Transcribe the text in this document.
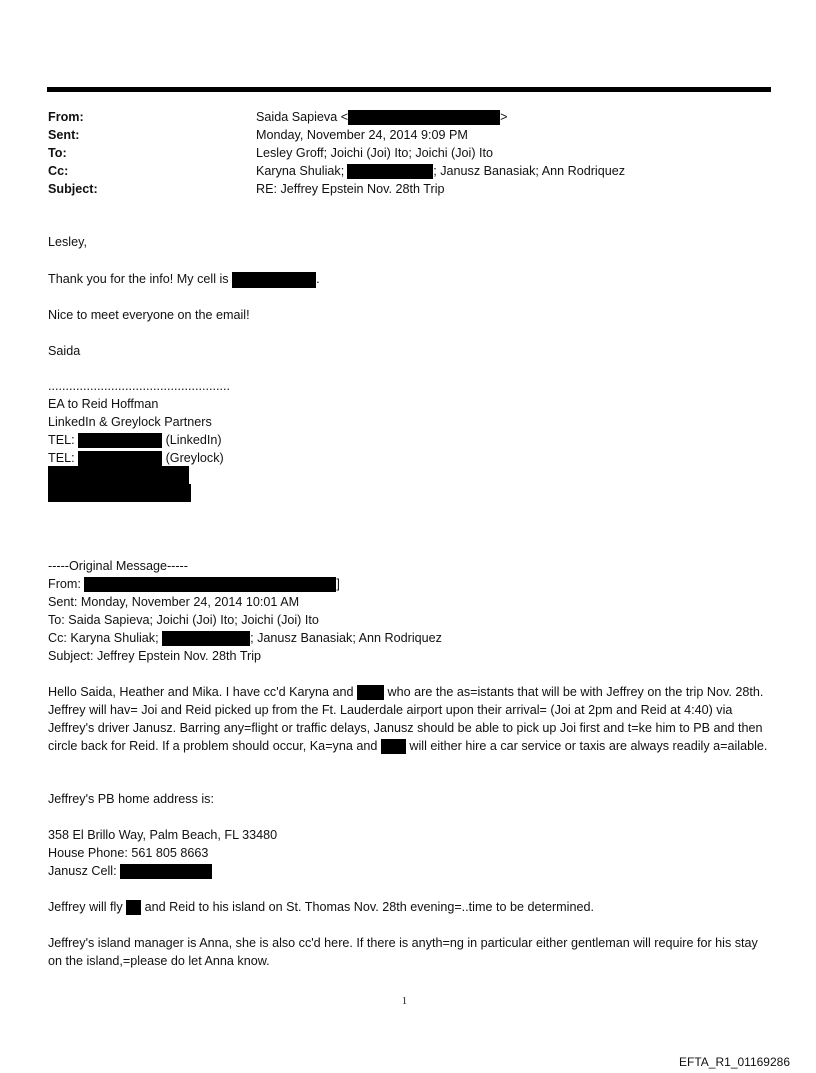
From:	Saida Sapieva <	>
Sent:	Monday, November 24, 2014 9:09 PM
To:	Lesley Groff; Joichi (Joi) Ito; Joichi (Joi) Ito
Cc:	Karyna Shuliak;	; Janusz Banasiak; Ann Rodriquez
Subject:	RE: Jeffrey Epstein Nov. 28th Trip
Lesley,
Thank you for the info! My cell is	.
Nice to meet everyone on the email!
Saida
....................................................
EA to Reid Hoffman
LinkedIn & Greylock Partners
TEL:	(LinkedIn)
TEL:	(Greylock)
-----Original Message-----
From:	]
Sent: Monday, November 24, 2014 10:01 AM
To: Saida Sapieva; Joichi (Joi) Ito; Joichi (Joi) Ito
Cc: Karyna Shuliak;	; Janusz Banasiak; Ann Rodriquez
Subject: Jeffrey Epstein Nov. 28th Trip
Hello Saida, Heather and Mika. I have cc'd Karyna and	who are the as=istants that will be with Jeffrey on the trip Nov. 28th. Jeffrey will hav= Joi and Reid picked up from the Ft. Lauderdale airport upon their arrival= (Joi at 2pm and Reid at 4:40) via Jeffrey's driver Janusz. Barring any=flight or traffic delays, Janusz should be able to pick up Joi first and t=ke him to PB and then circle back for Reid. If a problem should occur, Ka=yna and	will either hire a car service or taxis are always readily a=ailable.
Jeffrey's PB home address is:
358 El Brillo Way, Palm Beach, FL 33480
House Phone: 561 805 8663
Janusz Cell:
Jeffrey will fly and Reid to his island on St. Thomas Nov. 28th evening=..time to be determined.
Jeffrey's island manager is Anna, she is also cc'd here. If there is anyth=ng in particular either gentleman will require for his stay on the island,=please do let Anna know.
1
EFTA_R1_01169286
